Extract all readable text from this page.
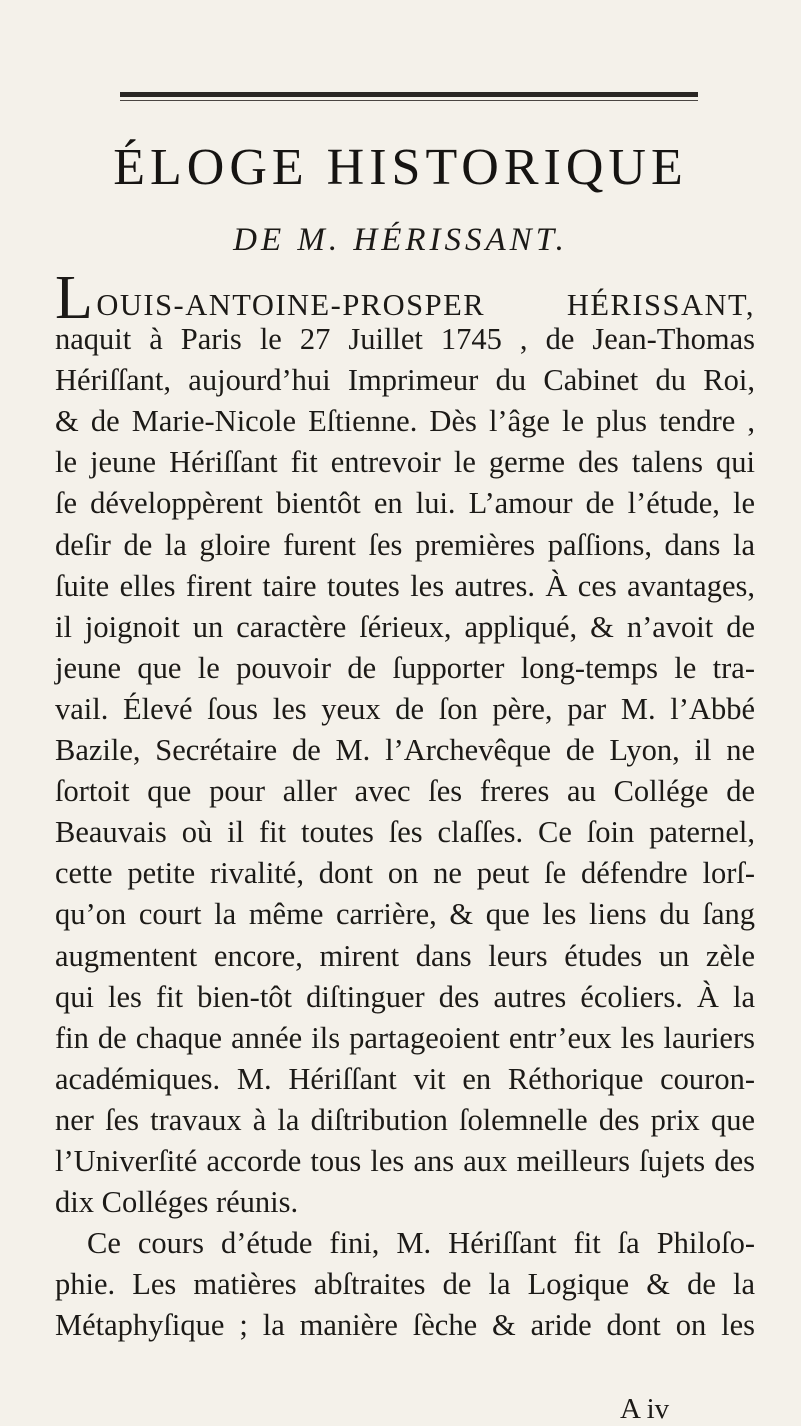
ÉLOGE HISTORIQUE
DE M. HÉRISSANT.
LOUIS-ANTOINE-PROSPER HÉRISSANT,
naquit à Paris le 27 Juillet 1745 , de Jean-Thomas
Hériſſant, aujourd’hui Imprimeur du Cabinet du Roi,
& de Marie-Nicole Eſtienne. Dès l’âge le plus tendre ,
le jeune Hériſſant fit entrevoir le germe des talens qui
ſe développèrent bientôt en lui. L’amour de l’étude, le
deſir de la gloire furent ſes premières paſſions, dans la
ſuite elles firent taire toutes les autres. À ces avantages,
il joignoit un caractère ſérieux, appliqué, & n’avoit de
jeune que le pouvoir de ſupporter long-temps le tra-
vail. Élevé ſous les yeux de ſon père, par M. l’Abbé
Bazile, Secrétaire de M. l’Archevêque de Lyon, il ne
ſortoit que pour aller avec ſes freres au Collége de
Beauvais où il fit toutes ſes claſſes. Ce ſoin paternel,
cette petite rivalité, dont on ne peut ſe défendre lorſ-
qu’on court la même carrière, & que les liens du ſang
augmentent encore, mirent dans leurs études un zèle
qui les fit bien-tôt diſtinguer des autres écoliers. À la
fin de chaque année ils partageoient entr’eux les lauriers
académiques. M. Hériſſant vit en Réthorique couron-
ner ſes travaux à la diſtribution ſolemnelle des prix que
l’Univerſité accorde tous les ans aux meilleurs ſujets des
dix Colléges réunis.
Ce cours d’étude fini, M. Hériſſant fit ſa Philoſo-
phie. Les matières abſtraites de la Logique & de la
Métaphyſique ; la manière ſèche & aride dont on les
A iv
